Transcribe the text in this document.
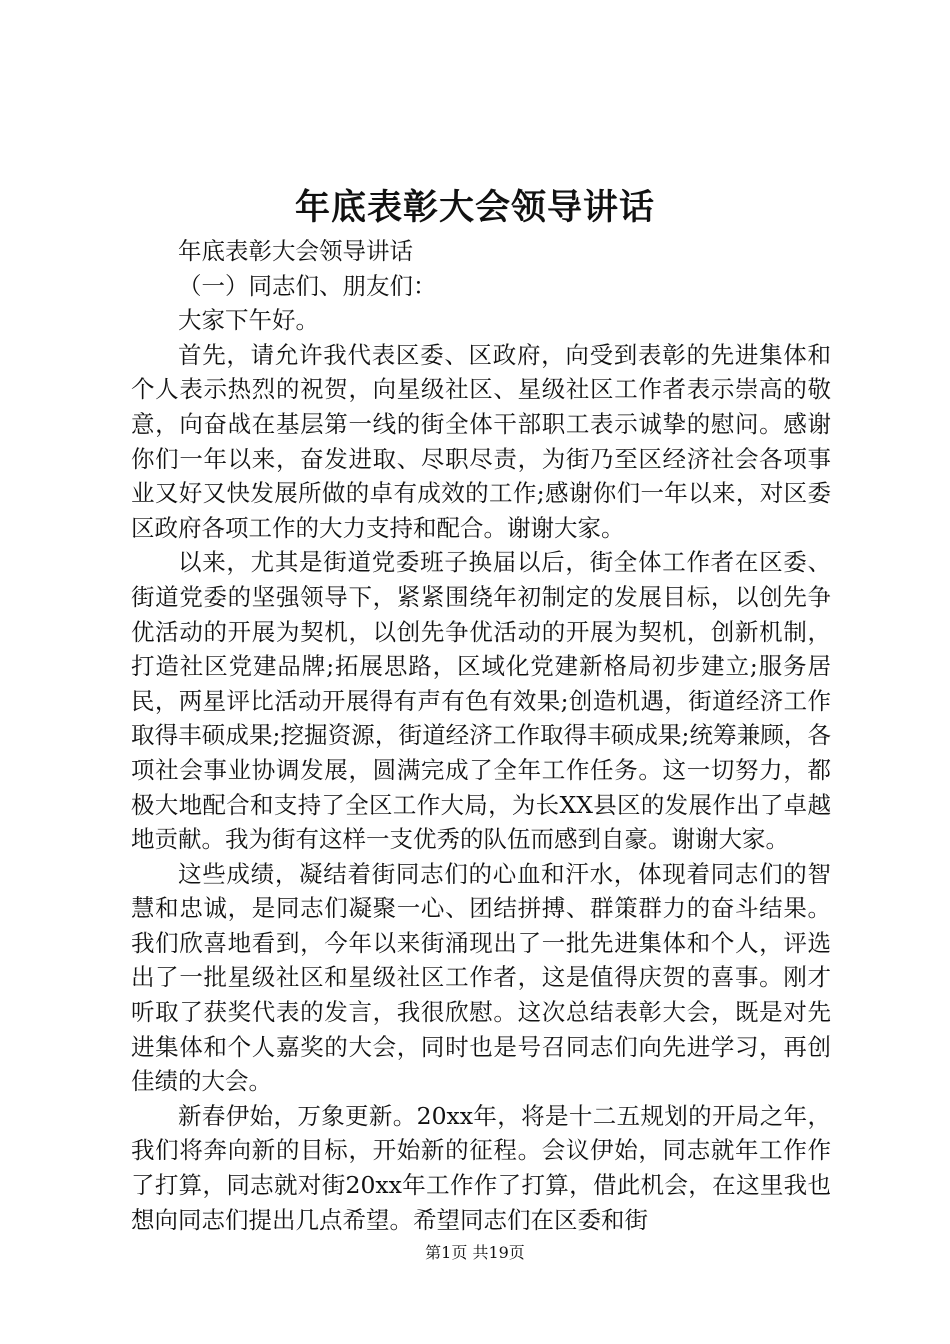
年底表彰大会领导讲话

年底表彰大会领导讲话

（一）同志们、朋友们：

大家下午好。

首先，请允许我代表区委、区政府，向受到表彰的先进集体和个人表示热烈的祝贺，向星级社区、星级社区工作者表示崇高的敬意，向奋战在基层第一线的街全体干部职工表示诚挚的慰问。感谢你们一年以来，奋发进取、尽职尽责，为街乃至区经济社会各项事业又好又快发展所做的卓有成效的工作;感谢你们一年以来，对区委区政府各项工作的大力支持和配合。谢谢大家。

以来，尤其是街道党委班子换届以后，街全体工作者在区委、街道党委的坚强领导下，紧紧围绕年初制定的发展目标，以创先争优活动的开展为契机，以创先争优活动的开展为契机，创新机制，打造社区党建品牌;拓展思路，区域化党建新格局初步建立;服务居民，两星评比活动开展得有声有色有效果;创造机遇，街道经济工作取得丰硕成果;挖掘资源，街道经济工作取得丰硕成果;统筹兼顾，各项社会事业协调发展，圆满完成了全年工作任务。这一切努力，都极大地配合和支持了全区工作大局，为长XX县区的发展作出了卓越地贡献。我为街有这样一支优秀的队伍而感到自豪。谢谢大家。

这些成绩，凝结着街同志们的心血和汗水，体现着同志们的智慧和忠诚，是同志们凝聚一心、团结拼搏、群策群力的奋斗结果。我们欣喜地看到，今年以来街涌现出了一批先进集体和个人，评选出了一批星级社区和星级社区工作者，这是值得庆贺的喜事。刚才听取了获奖代表的发言，我很欣慰。这次总结表彰大会，既是对先进集体和个人嘉奖的大会，同时也是号召同志们向先进学习，再创佳绩的大会。

新春伊始，万象更新。20xx年，将是十二五规划的开局之年，我们将奔向新的目标，开始新的征程。会议伊始，同志就年工作作了打算，同志就对街20xx年工作作了打算，借此机会，在这里我也想向同志们提出几点希望。希望同志们在区委和街

第1页 共19页
